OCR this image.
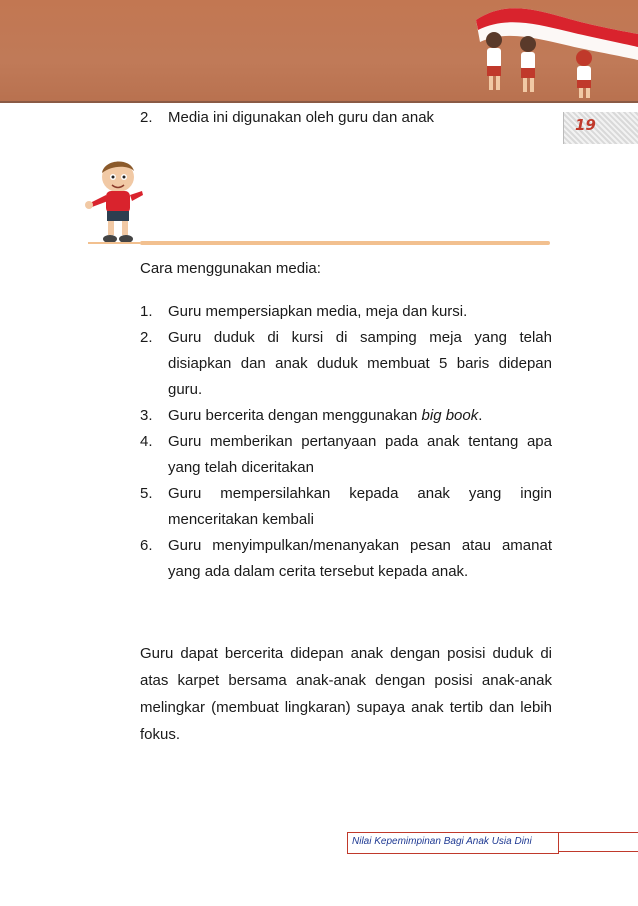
19
2. Media ini digunakan oleh guru dan anak
Cara menggunakan media:
1. Guru mempersiapkan media, meja dan kursi.
2. Guru duduk di kursi di samping meja yang telah disiapkan dan anak duduk membuat 5 baris didepan guru.
3. Guru bercerita dengan menggunakan big book.
4. Guru memberikan pertanyaan pada anak tentang apa yang telah diceritakan
5. Guru mempersilahkan kepada anak yang ingin menceritakan kembali
6. Guru menyimpulkan/menanyakan pesan atau amanat yang ada dalam cerita tersebut kepada anak.

Guru dapat bercerita didepan anak dengan posisi duduk di atas karpet bersama anak-anak dengan posisi anak-anak melingkar (membuat lingkaran) supaya anak tertib dan lebih fokus.

Nilai Kepemimpinan Bagi Anak Usia Dini
